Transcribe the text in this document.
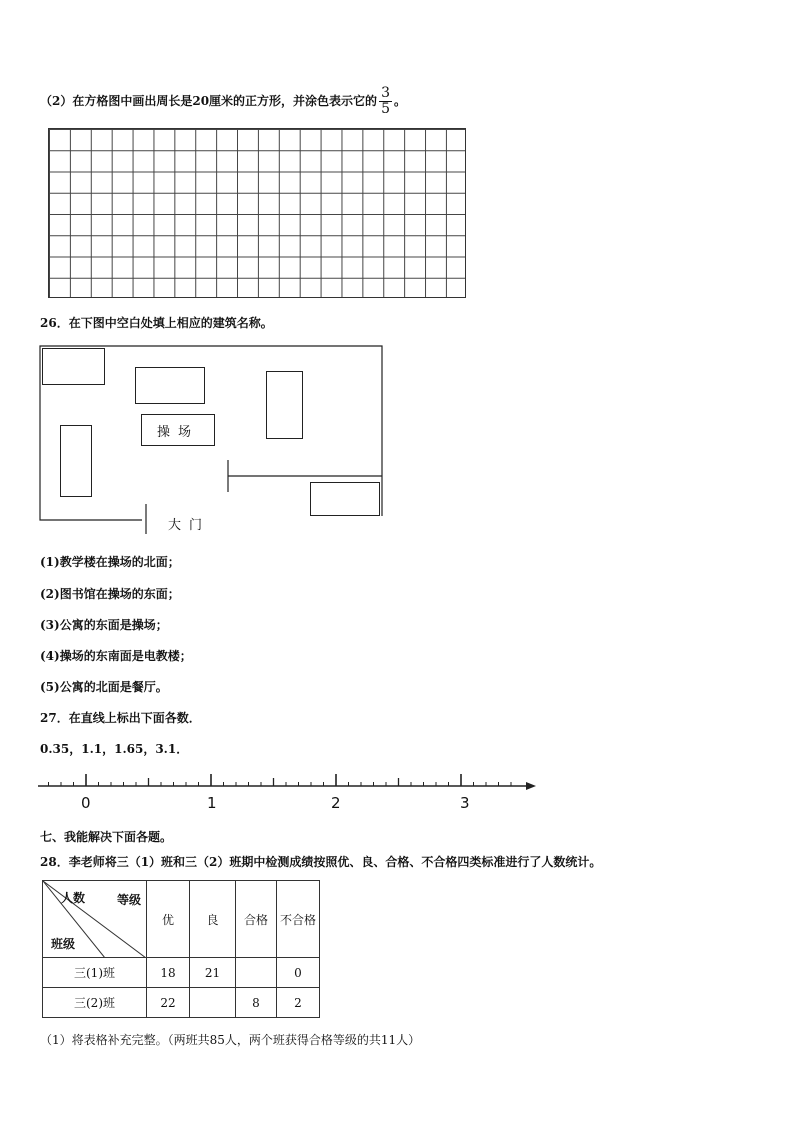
（2）在方格图中画出周长是20厘米的正方形，并涂色表示它的 $\frac{3}{5}$ 。
26．在下图中空白处填上相应的建筑名称。
操场
大门
(1)教学楼在操场的北面；
(2)图书馆在操场的东面；
(3)公寓的东面是操场；
(4)操场的东南面是电教楼；
(5)公寓的北面是餐厅。
27．在直线上标出下面各数．
0.35，1.1，1.65，3.1．
0	1	2	3
七、我能解决下面各题。
28．李老师将三（1）班和三（2）班期中检测成绩按照优、良、合格、不合格四类标准进行了人数统计。
人数 等级
班级	优	良	合格	不合格
三(1)班	18	21		0
三(2)班	22		8	2
（1）将表格补充完整。（两班共85人，两个班获得合格等级的共11人）
